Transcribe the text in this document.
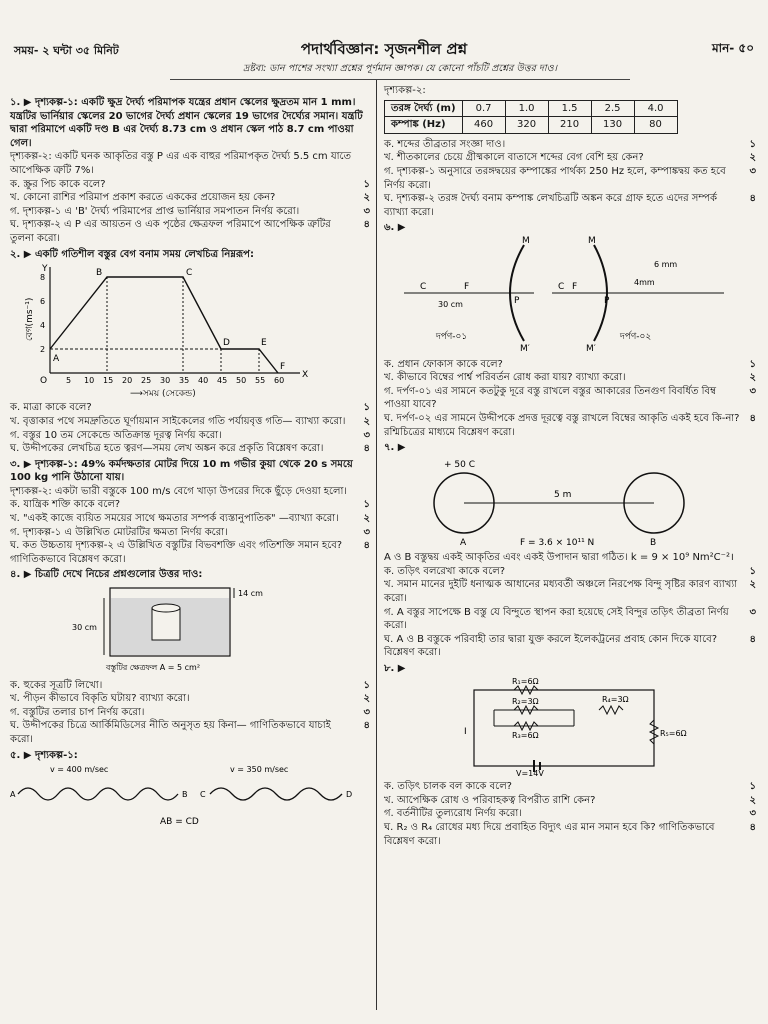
সময়- ২ ঘন্টা ৩৫ মিনিট	পদার্থবিজ্ঞান: সৃজনশীল প্রশ্ন	মান- ৫০
দ্রষ্টব্য: ডান পাশের সংখ্যা প্রশ্নের পূর্ণমান জ্ঞাপক। যে কোনো পাঁচটি প্রশ্নের উত্তর দাও।
১. ▶ দৃশ্যকল্প-১: একটি ক্ষুদ্র দৈর্ঘ্য পরিমাপক যন্ত্রের প্রধান স্কেলের ক্ষুদ্রতম মান 1 mm। যন্ত্রটির ভার্নিয়ার স্কেলের 20 ভাগের দৈর্ঘ্য প্রধান স্কেলের 19 ভাগের দৈর্ঘ্যের সমান। যন্ত্রটি দ্বারা পরিমাপে একটি দণ্ড B এর দৈর্ঘ্য 8.73 cm ও প্রধান স্কেল পাঠ 8.7 cm পাওয়া গেল।
দৃশ্যকল্প-২: একটি ঘনক আকৃতির বস্তু P এর এক বাহুর পরিমাপকৃত দৈর্ঘ্য 5.5 cm যাতে আপেক্ষিক ত্রুটি 7%।
ক. স্ক্রুর পিচ কাকে বলে?	১
খ. কোনো রাশির পরিমাপ প্রকাশ করতে এককের প্রয়োজন হয় কেন?	২
গ. দৃশ্যকল্প-১ এ 'B' দৈর্ঘ্য পরিমাপের প্রাপ্ত ভার্নিয়ার সমপাতন নির্ণয় করো।	৩
ঘ. দৃশ্যকল্প-২ এ P এর আয়তন ও এক পৃষ্ঠের ক্ষেত্রফল পরিমাপে আপেক্ষিক ত্রুটির তুলনা করো।
৪
২. ▶ একটি গতিশীল বস্তুর বেগ বনাম সময় লেখচিত্র নিম্নরূপ:
Y
X
O
বেগ(ms⁻¹)
2
4
6
8
5 10 15 20 25 30 35 40 45 50 55 60
A
B	C
D	E
F
⟶সময় (সেকেন্ড)
ক. মাত্রা কাকে বলে?	১
খ. বৃত্তাকার পথে সমদ্রুতিতে ঘূর্ণায়মান সাইকেলের গতি পর্যায়বৃত্ত গতি— ব্যাখ্যা করো।	২
গ. বস্তুর 10 তম সেকেন্ডে অতিক্রান্ত দূরত্ব নির্ণয় করো।	৩
ঘ. উদ্দীপকের লেখচিত্র হতে ত্বরণ—সময় লেখ অঙ্কন করে প্রকৃতি বিশ্লেষণ করো।	৪
৩. ▶ দৃশ্যকল্প-১: 49% কর্মদক্ষতার মোটর দিয়ে 10 m গভীর কুয়া থেকে 20 s সময়ে 100 kg পানি উঠানো যায়।
দৃশ্যকল্প-২: একটা ভারী বস্তুকে 100 m/s বেগে খাড়া উপরের দিকে ছুঁড়ে দেওয়া হলো।
ক. যান্ত্রিক শক্তি কাকে বলে?	১
খ. "একই কাজে ব্যয়িত সময়ের সাথে ক্ষমতার সম্পর্ক ব্যস্তানুপাতিক" —ব্যাখ্যা করো।	২
গ. দৃশ্যকল্প-১ এ উল্লিখিত মোটরটির ক্ষমতা নির্ণয় করো।	৩
ঘ. কত উচ্চতায় দৃশ্যকল্প-২ এ উল্লিখিত বস্তুটির বিভবশক্তি এবং গতিশক্তি সমান হবে? গাণিতিকভাবে বিশ্লেষণ করো।
৪
৪. ▶ চিত্রটি দেখে নিচের প্রশ্নগুলোর উত্তর দাও:
14 cm
30 cm
বস্তুটির ক্ষেত্রফল A = 5 cm²
ক. হুকের সূত্রটি লিখো।	১
খ. পীড়ন কীভাবে বিকৃতি ঘটায়? ব্যাখ্যা করো।	২
গ. বস্তুটির তলার চাপ নির্ণয় করো।	৩
ঘ. উদ্দীপকের চিত্রে আর্কিমিডিসের নীতি অনুসৃত হয় কিনা— গাণিতিকভাবে যাচাই করো।
৪
৫. ▶ দৃশ্যকল্প-১:
v = 400 m/sec	v = 350 m/sec
A	B C	D
AB = CD
দৃশ্যকল্প-২:
তরঙ্গ দৈর্ঘ্য (m)	0.7	1.0	1.5	2.5	4.0
কম্পাঙ্ক (Hz)	460	320	210	130	80
ক. শব্দের তীব্রতার সংজ্ঞা দাও।	১
খ. শীতকালের চেয়ে গ্রীষ্মকালে বাতাসে শব্দের বেগ বেশি হয় কেন?	২
গ. দৃশ্যকল্প-১ অনুসারে তরঙ্গদ্বয়ের কম্পাঙ্কের পার্থক্য 250 Hz হলে, কম্পাঙ্কদ্বয় কত হবে নির্ণয় করো।
৩
ঘ. দৃশ্যকল্প-২ তরঙ্গ দৈর্ঘ্য বনাম কম্পাঙ্ক লেখচিত্রটি অঙ্কন করে গ্রাফ হতে এদের সম্পর্ক ব্যাখ্যা করো।
৪
৬. ▶
M
M′
C	F
P
30 cm
দর্পণ-০১
M
M′
C F
P
6 mm
4mm
দর্পণ-০২
ক. প্রধান ফোকাস কাকে বলে?	১
খ. কীভাবে বিম্বের পার্শ্ব পরিবর্তন রোধ করা যায়? ব্যাখ্যা করো।	২
গ. দর্পণ-০১ এর সামনে কতটুকু দূরে বস্তু রাখলে বস্তুর আকারের তিনগুণ বিবর্ধিত বিম্ব পাওয়া যাবে?
৩
ঘ. দর্পণ-০২ এর সামনে উদ্দীপকে প্রদত্ত দূরত্বে বস্তু রাখলে বিম্বের আকৃতি একই হবে কি-না? রশ্মিচিত্রের মাধ্যমে বিশ্লেষণ করো।
৪
৭. ▶
+ 50 C
5 m
A	B
F = 3.6 × 10¹¹ N
A ও B বস্তুদ্বয় একই আকৃতির এবং একই উপাদান দ্বারা গঠিত। k = 9 × 10⁹ Nm²C⁻²।
ক. তড়িৎ বলরেখা কাকে বলে?	১
খ. সমান মানের দুইটি ধনাত্মক আধানের মধ্যবর্তী অঞ্চলে নিরপেক্ষ বিন্দু সৃষ্টির কারণ ব্যাখ্যা করো।
২
গ. A বস্তুর সাপেক্ষে B বস্তু যে বিন্দুতে স্থাপন করা হয়েছে সেই বিন্দুর তড়িৎ তীব্রতা নির্ণয় করো।
৩
ঘ. A ও B বস্তুকে পরিবাহী তার দ্বারা যুক্ত করলে ইলেকট্রনের প্রবাহ কোন দিকে যাবে? বিশ্লেষণ করো।
৪
৮. ▶
R₁=6Ω
R₂=3Ω
R₃=6Ω
R₄=3Ω
R₅=6Ω
I
V=14V
ক. তড়িৎ চালক বল কাকে বলে?	১
খ. আপেক্ষিক রোধ ও পরিবাহকত্ব বিপরীত রাশি কেন?	২
গ. বর্তনীটির তুল্যরোধ নির্ণয় করো।	৩
ঘ. R₂ ও R₄ রোধের মধ্য দিয়ে প্রবাহিত বিদ্যুৎ এর মান সমান হবে কি? গাণিতিকভাবে বিশ্লেষণ করো।
৪
